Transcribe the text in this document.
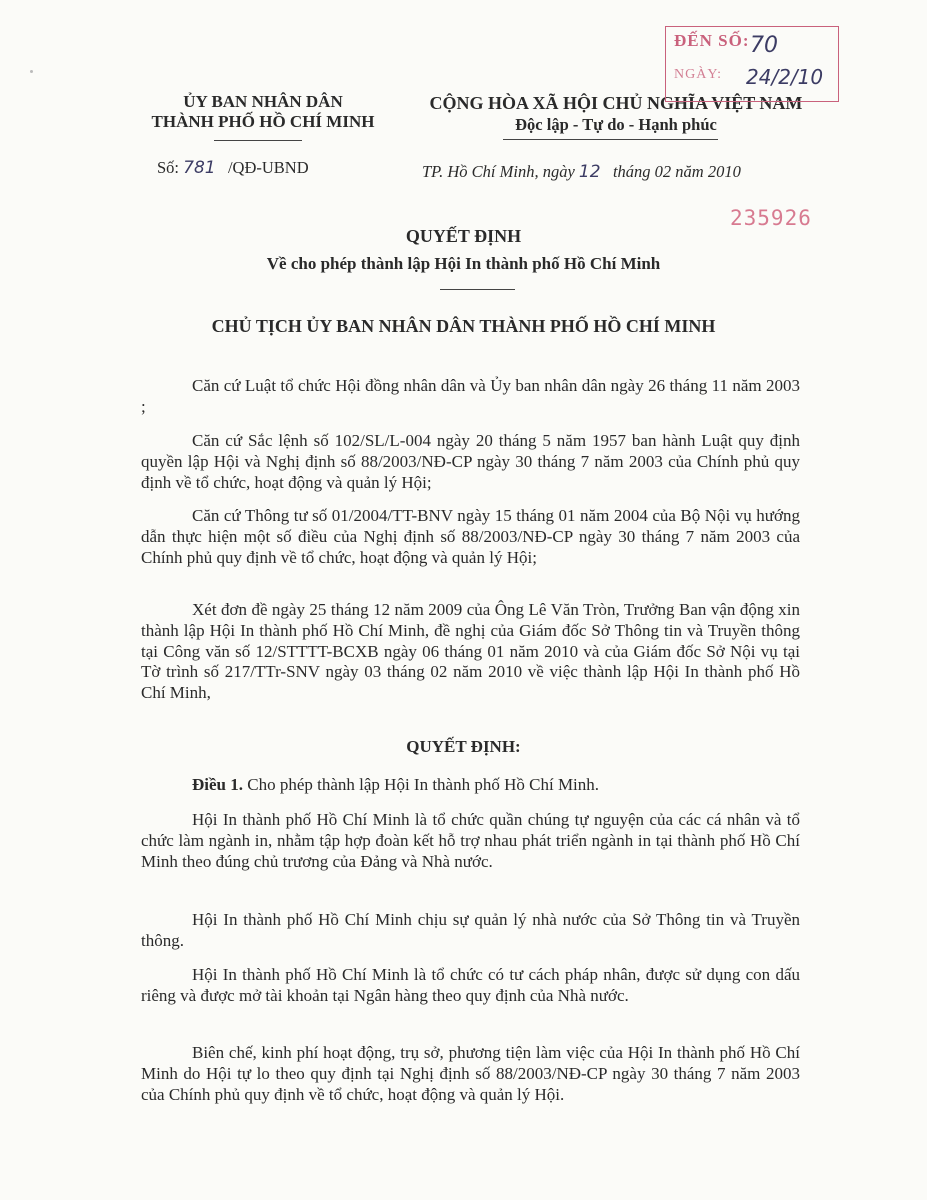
ỦY BAN NHÂN DÂN
THÀNH PHỐ HỒ CHÍ MINH
Số: 781 /QĐ-UBND
CỘNG HÒA XÃ HỘI CHỦ NGHĨA VIỆT NAM
Độc lập - Tự do - Hạnh phúc
TP. Hồ Chí Minh, ngày 12 tháng 02 năm 2010
ĐẾN SỐ:
NGÀY:
70
24/2/10
235926
QUYẾT ĐỊNH
Về cho phép thành lập Hội In thành phố Hồ Chí Minh
CHỦ TỊCH ỦY BAN NHÂN DÂN THÀNH PHỐ HỒ CHÍ MINH
Căn cứ Luật tổ chức Hội đồng nhân dân và Ủy ban nhân dân ngày 26 tháng 11 năm 2003 ;
Căn cứ Sắc lệnh số 102/SL/L-004 ngày 20 tháng 5 năm 1957 ban hành Luật quy định quyền lập Hội và Nghị định số 88/2003/NĐ-CP ngày 30 tháng 7 năm 2003 của Chính phủ quy định về tổ chức, hoạt động và quản lý Hội;
Căn cứ Thông tư số 01/2004/TT-BNV ngày 15 tháng 01 năm 2004 của Bộ Nội vụ hướng dẫn thực hiện một số điều của Nghị định số 88/2003/NĐ-CP ngày 30 tháng 7 năm 2003 của Chính phủ quy định về tổ chức, hoạt động và quản lý Hội;
Xét đơn đề ngày 25 tháng 12 năm 2009 của Ông Lê Văn Tròn, Trưởng Ban vận động xin thành lập Hội In thành phố Hồ Chí Minh, đề nghị của Giám đốc Sở Thông tin và Truyền thông tại Công văn số 12/STTTT-BCXB ngày 06 tháng 01 năm 2010 và của Giám đốc Sở Nội vụ tại Tờ trình số 217/TTr-SNV ngày 03 tháng 02 năm 2010 về việc thành lập Hội In thành phố Hồ Chí Minh,
QUYẾT ĐỊNH:
Điều 1. Cho phép thành lập Hội In thành phố Hồ Chí Minh.
Hội In thành phố Hồ Chí Minh là tổ chức quần chúng tự nguyện của các cá nhân và tổ chức làm ngành in, nhằm tập hợp đoàn kết hỗ trợ nhau phát triển ngành in tại thành phố Hồ Chí Minh theo đúng chủ trương của Đảng và Nhà nước.
Hội In thành phố Hồ Chí Minh chịu sự quản lý nhà nước của Sở Thông tin và Truyền thông.
Hội In thành phố Hồ Chí Minh là tổ chức có tư cách pháp nhân, được sử dụng con dấu riêng và được mở tài khoản tại Ngân hàng theo quy định của Nhà nước.
Biên chế, kinh phí hoạt động, trụ sở, phương tiện làm việc của Hội In thành phố Hồ Chí Minh do Hội tự lo theo quy định tại Nghị định số 88/2003/NĐ-CP ngày 30 tháng 7 năm 2003 của Chính phủ quy định về tổ chức, hoạt động và quản lý Hội.
